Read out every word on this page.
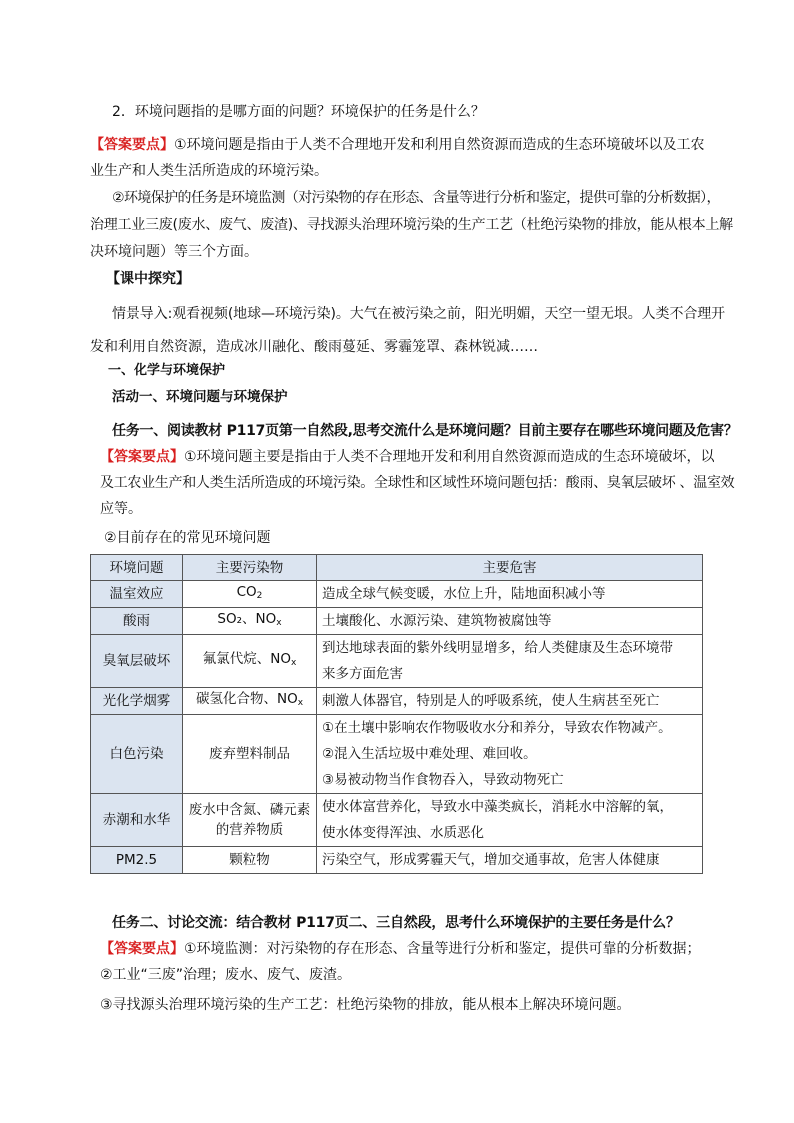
2．环境问题指的是哪方面的问题？环境保护的任务是什么？
【答案要点】①环境问题是指由于人类不合理地开发和利用自然资源而造成的生态环境破坏以及工农
业生产和人类生活所造成的环境污染。
②环境保护的任务是环境监测（对污染物的存在形态、含量等进行分析和鉴定，提供可靠的分析数据），
治理工业三废(废水、废气、废渣)、寻找源头治理环境污染的生产工艺（杜绝污染物的排放，能从根本上解
决环境问题）等三个方面。
【课中探究】
情景导入:观看视频(地球—环境污染)。大气在被污染之前，阳光明媚，天空一望无垠。人类不合理开
发和利用自然资源，造成冰川融化、酸雨蔓延、雾霾笼罩、森林锐减……
一、化学与环境保护
活动一、环境问题与环境保护
任务一、阅读教材 P117页第一自然段,思考交流什么是环境问题？目前主要存在哪些环境问题及危害？
【答案要点】①环境问题主要是指由于人类不合理地开发和利用自然资源而造成的生态环境破坏，以
及工农业生产和人类生活所造成的环境污染。全球性和区域性环境问题包括：酸雨、臭氧层破坏 、温室效
应等。
②目前存在的常见环境问题
环境问题	主要污染物	主要危害
温室效应	$CO_2$	造成全球气候变暖，水位上升，陆地面积减小等

酸雨	SO₂、$NO_x$	土壤酸化、水源污染、建筑物被腐蚀等

臭氧层破坏	氟氯代烷、$NO_x$	到达地球表面的紫外线明显增多，给人类健康及生态环境带
来多方面危害

光化学烟雾	碳氢化合物、$NO_x$	刺激人体器官，特别是人的呼吸系统，使人生病甚至死亡

白色污染	废弃塑料制品	①在土壤中影响农作物吸收水分和养分，导致农作物减产。
②混入生活垃圾中难处理、难回收。
③易被动物当作食物吞入，导致动物死亡

赤潮和水华	废水中含氮、磷元素的营养物质	使水体富营养化，导致水中藻类疯长，消耗水中溶解的氧，
使水体变得浑浊、水质恶化

PM2.5	颗粒物	污染空气，形成雾霾天气，增加交通事故，危害人体健康
任务二、讨论交流：结合教材 P117页二、三自然段，思考什么环境保护的主要任务是什么？
【答案要点】①环境监测：对污染物的存在形态、含量等进行分析和鉴定，提供可靠的分析数据；
②工业“三废”治理；废水、废气、废渣。
③寻找源头治理环境污染的生产工艺：杜绝污染物的排放，能从根本上解决环境问题。
